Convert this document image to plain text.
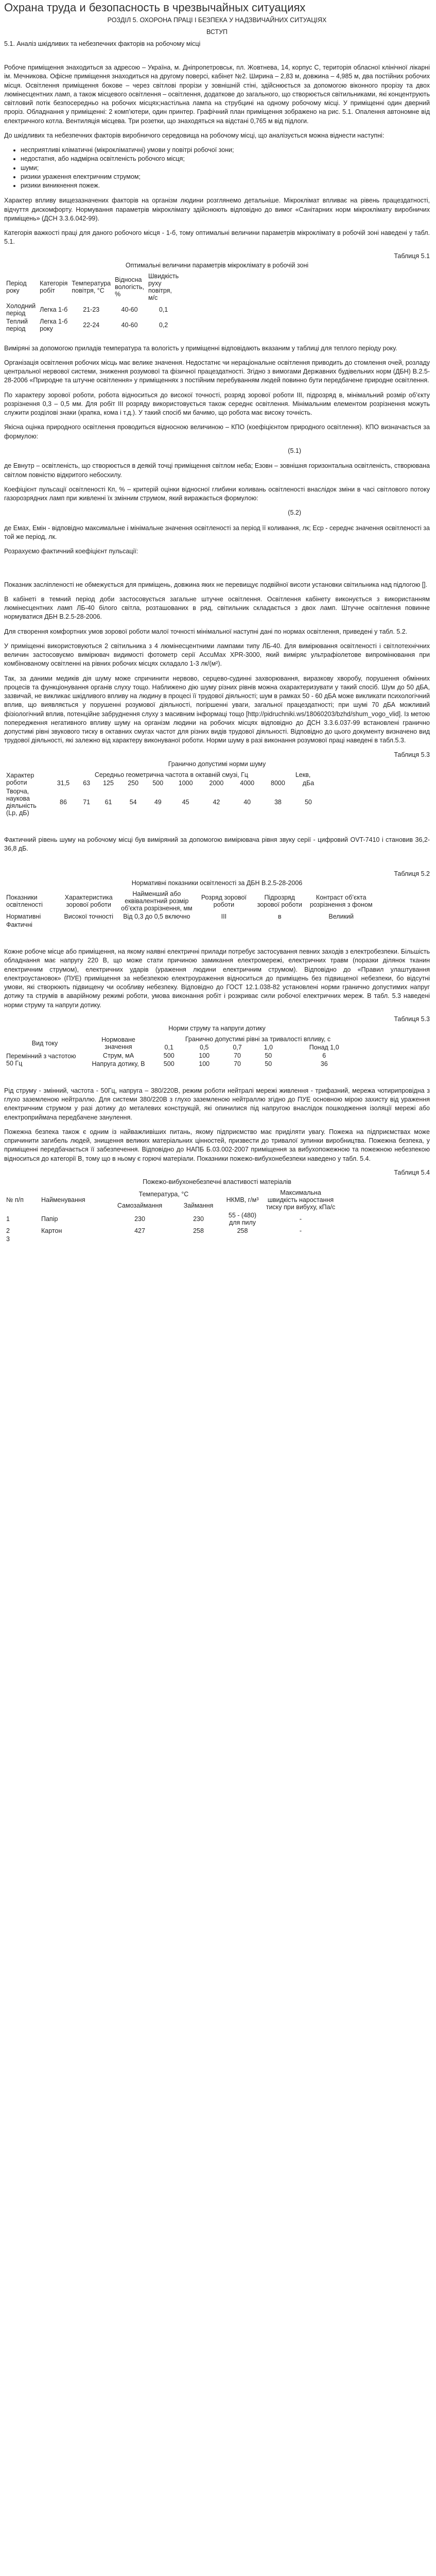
Охрана труда и безопасность в чрезвычайных ситуациях
РОЗДІЛ 5. ОХОРОНА ПРАЦІ І БЕЗПЕКА У НАДЗВИЧАЙНИХ СИТУАЦІЯХ
ВСТУП
5.1. Аналіз шкідливих та небезпечних факторів на робочому місці

Робоче приміщення знаходиться за адресою – Україна, м. Дніпропетровськ, пл. Жовтнева, 14, корпус С, територія обласної клінічної лікарні ім. Мечникова. Офісне приміщення знаходиться на другому поверсі, кабінет №2. Ширина – 2,83 м, довжина – 4,985 м, два постійних робочих місця. Освітлення приміщення бокове – через світлові прорізи у зовнішній стіні, здійснюється за допомогою віконного прорізу та двох люмінесцентних ламп, а також місцевого освітлення – освітлення, додаткове до загального, що створюється світильниками, які концентрують світловий потік безпосередньо на робочих місцях;настільна лампа на струбцині на одному робочому місці. У приміщенні один дверний проріз. Обладнання у приміщенні: 2 комп’ютери, один принтер. Графічний план приміщення зображено на рис. 5.1. Опалення автономне від електричного котла. Вентиляція місцева. Три розетки, що знаходяться на відстані 0,765 м від підлоги.

До шкідливих та небезпечних факторів виробничого середовища на робочому місці, що аналізується можна віднести наступні:

• несприятливі кліматичні (мікрокліматичні) умови у повітрі робочої зони;
• недостатня, або надмірна освітленість робочого місця;
• шуми;
• ризики ураження електричним струмом;
• ризики виникнення пожеж.

Характер впливу вищезазначених факторів на організм людини розглянемо детальніше. Мікроклімат впливає на рівень працездатності, відчуття дискомфорту. Нормування параметрів мікроклімату здійснюють відповідно до вимог «Санітарних норм мікроклімату виробничих приміщень» (ДСН 3.3.6.042-99).

Категорія важкості праці для даного робочого місця - 1-б, тому оптимальні величини параметрів мікроклімату в робочій зоні наведені у табл. 5.1.

Таблиця 5.1
Оптимальні величини параметрів мікроклімату в робочій зоні
Період року	Категорія робіт	Температура повітря, °С	Відносна вологість, %	Швидкість руху повітря, м/с
Холодний період	Легка 1-б	21-23	40-60	0,1
Теплий період	Легка 1-б року	22-24	40-60	0,2

Виміряні за допомогою приладів температура та вологість у приміщенні відповідають вказаним у таблиці для теплого періоду року.

Організація освітлення робочих місць має велике значення. Недостатнє чи нераціональне освітлення приводить до стомлення очей, розладу центральної нервової системи, зниження розумової та фізичної працездатності. Згідно з вимогами Державних будівельних норм (ДБН) В.2.5-28-2006 «Природне та штучне освітлення» у приміщеннях з постійним перебуванням людей повинно бути передбачене природне освітлення.

По характеру зорової роботи, робота відноситься до високої точності, розряд зорової роботи III, підрозряд в, мінімальний розмір об’єкту розрізнення 0,3 – 0,5 мм. Для робіт III розряду використовується також середнє освітлення. Мінімальним елементом розрізнення можуть служити розділові знаки (крапка, кома і т.д.). У такий спосіб ми бачимо, що робота має високу точність.

Якісна оцінка природного освітлення проводиться відносною величиною – КПО (коефіцієнтом природного освітлення). КПО визначається за формулою:

(5.1)

де Евнутр – освітленість, що створюється в деякій точці приміщення світлом неба; Езовн – зовнішня горизонтальна освітленість, створювана світлом повністю відкритого небосхилу.

Коефіцієнт пульсації освітленості Кп, % – критерій оцінки відносної глибини коливань освітленості внаслідок зміни в часі світлового потоку газорозрядних ламп при живленні їх змінним струмом, який виражається формулою:

(5.2)

де Емах, Емін - відповідно максимальне і мінімальне значення освітленості за період її коливання, лк; Еср - середнє значення освітленості за той же період, лк.

Розрахуємо фактичний коефіцієнт пульсації:

Показник засліпленості не обмежується для приміщень, довжина яких не перевищує подвійної висоти установки світильника над підлогою [].

В кабінеті в темний період доби застосовується загальне штучне освітлення. Освітлення кабінету виконується з використанням люмінесцентних ламп ЛБ-40 білого світла, розташованих в ряд, світильник складається з двох ламп. Штучне освітлення повинне нормуватися ДБН В.2.5-28-2006.

Для створення комфортних умов зорової роботи малої точності мінімальної наступні дані по нормах освітлення, приведені у табл. 5.2.

У приміщенні використовуються 2 світильника з 4 люмінесцентними лампами типу ЛБ-40. Для вимірювання освітленості і світлотехнічних величин застосовуємо вимірювач видимості фотометр серії AccuMax XPR-3000, який виміряє ультрафіолетове випромінювання при комбінованому освітленні на рівних робочих місцях складало 1-3 лк/(м²).

Так, за даними медиків дія шуму може спричинити нервово, серцево-судинні захворювання, виразкову хворобу, порушення обмінних процесів та функціонування органів слуху тощо. Наближено дію шуму різних рівнів можна охарактеризувати у такий спосіб. Шум до 50 дБА, зазвичай, не викликає шкідливого впливу на людину в процесі її трудової діяльності; шум в рамках 50 - 60 дБА може викликати психологічний вплив, що виявляється у порушенні розумової діяльності, погіршенні уваги, загальної працездатності; при шумі 70 дБА можливий фізіологічний вплив, потенційне забруднення слуху з масивним інформаці тощо [http://pidruchniki.ws/18060203/bzhd/shum_vogo_vlid]. Із метою попередження негативного впливу шуму на організм людини на робочих місцях відповідно до ДСН 3.3.6.037-99 встановлені гранично допустимі рівні звукового тиску в октавних смугах частот для різних видів трудової діяльності. Відповідно до цього документу визначено вид трудової діяльності, які залежно від характеру виконуваної роботи. Норми шуму в разі виконання розумової праці наведені в табл.5.3.

Таблиця 5.3
Гранично допустимі норми шуму
Характер роботи	Середньо геометрична частота в октавній смузі, Гц									Lекв,
	31,5	63	125	250	500	1000	2000	4000	8000	дБа
Творча, наукова діяльність (Lp, дБ)	86	71	61	54	49	45	42	40	38	50

Фактичний рівень шуму на робочому місці був виміряний за допомогою вимірювача рівня звуку серії - цифровий OVT-7410 і становив 36,2-36,8 дБ.

Таблиця 5.2
Нормативні показники освітленості за ДБН В.2.5-28-2006
Показники освітленості	Характеристика зорової роботи	Найменший або еквівалентний розмір об’єкта розрізнення, мм	Розряд зорової роботи	Підрозряд зорової роботи	Контраст об’єкта розрізнення з фоном
Нормативні	Високої точності	Від 0,3 до 0,5 включно	III	в	Великий
Фактичні					

Кожне робоче місце або приміщення, на якому наявні електричні прилади потребує застосування певних заходів з електробезпеки. Більшість обладнання має напругу 220 В, що може стати причиною замикання електромережі, електричних травм (поразки ділянок тканин електричним струмом), електричних ударів (ураження людини електричним струмом). Відповідно до «Правил улаштування електроустановок» (ПУЕ) приміщення за небезпекою електроураження відноситься до приміщень без підвищеної небезпеки, бо відсутні умови, які створюють підвищену чи особливу небезпеку. Відповідно до ГОСТ 12.1.038-82 установлені норми гранично допустимих напруг дотику та струмів в аварійному режимі роботи, умова виконання робіт і розкриває сили робочої електричних мереж. В табл. 5.3 наведені норми струму та напруги дотику.

Таблиця 5.3
Норми струму та напруги дотику
Вид току	Нормоване значення	Гранично допустимі рівні за тривалості впливу, с				
		0,1	0,5	0,7	1,0	Понад 1,0
Перемінний з частотою 50 Гц	Струм, мА	500	100	70	50	6
	Напруга дотику, В	500	100	70	50	36

Рід струму - змінний, частота - 50Гц, напруга – 380/220В, режим роботи нейтралі мережі живлення - трифазний, мережа чотирипровідна з глухо заземленою нейтраллю. Для системи 380/220В з глухо заземленою нейтраллю згідно до ПУЕ основною мірою захисту від ураження електричним струмом у разі дотику до металевих конструкцій, які опинилися під напругою внаслідок пошкодження ізоляції мережі або електроприймача передбачене занулення.

Пожежна безпека також є одним із найважливіших питань, якому підприємство має приділяти увагу. Пожежа на підприємствах може спричинити загибель людей, знищення великих матеріальних цінностей, призвести до тривалої зупинки виробництва. Пожежна безпека, у приміщенні передбачається її забезпечення. Відповідно до НАПБ Б.03.002-2007 приміщення за вибухопожежною та пожежною небезпекою відноситься до категорії В, тому що в ньому є горючі матеріали. Показники пожежо-вибухонебезпеки наведено у табл. 5.4.

Таблиця 5.4
Пожежо-вибухонебезпечні властивості матеріалів
№ п/п	Найменування	Температура, °С		НКМВ, г/м³	Максимальна швидкість наростання тиску при вибуху, кПа/с
		Самозаймання	Займання		
1	Папір	230	230	55 - (480) для пилу	-
2	Картон	427	258	258	-
3					
